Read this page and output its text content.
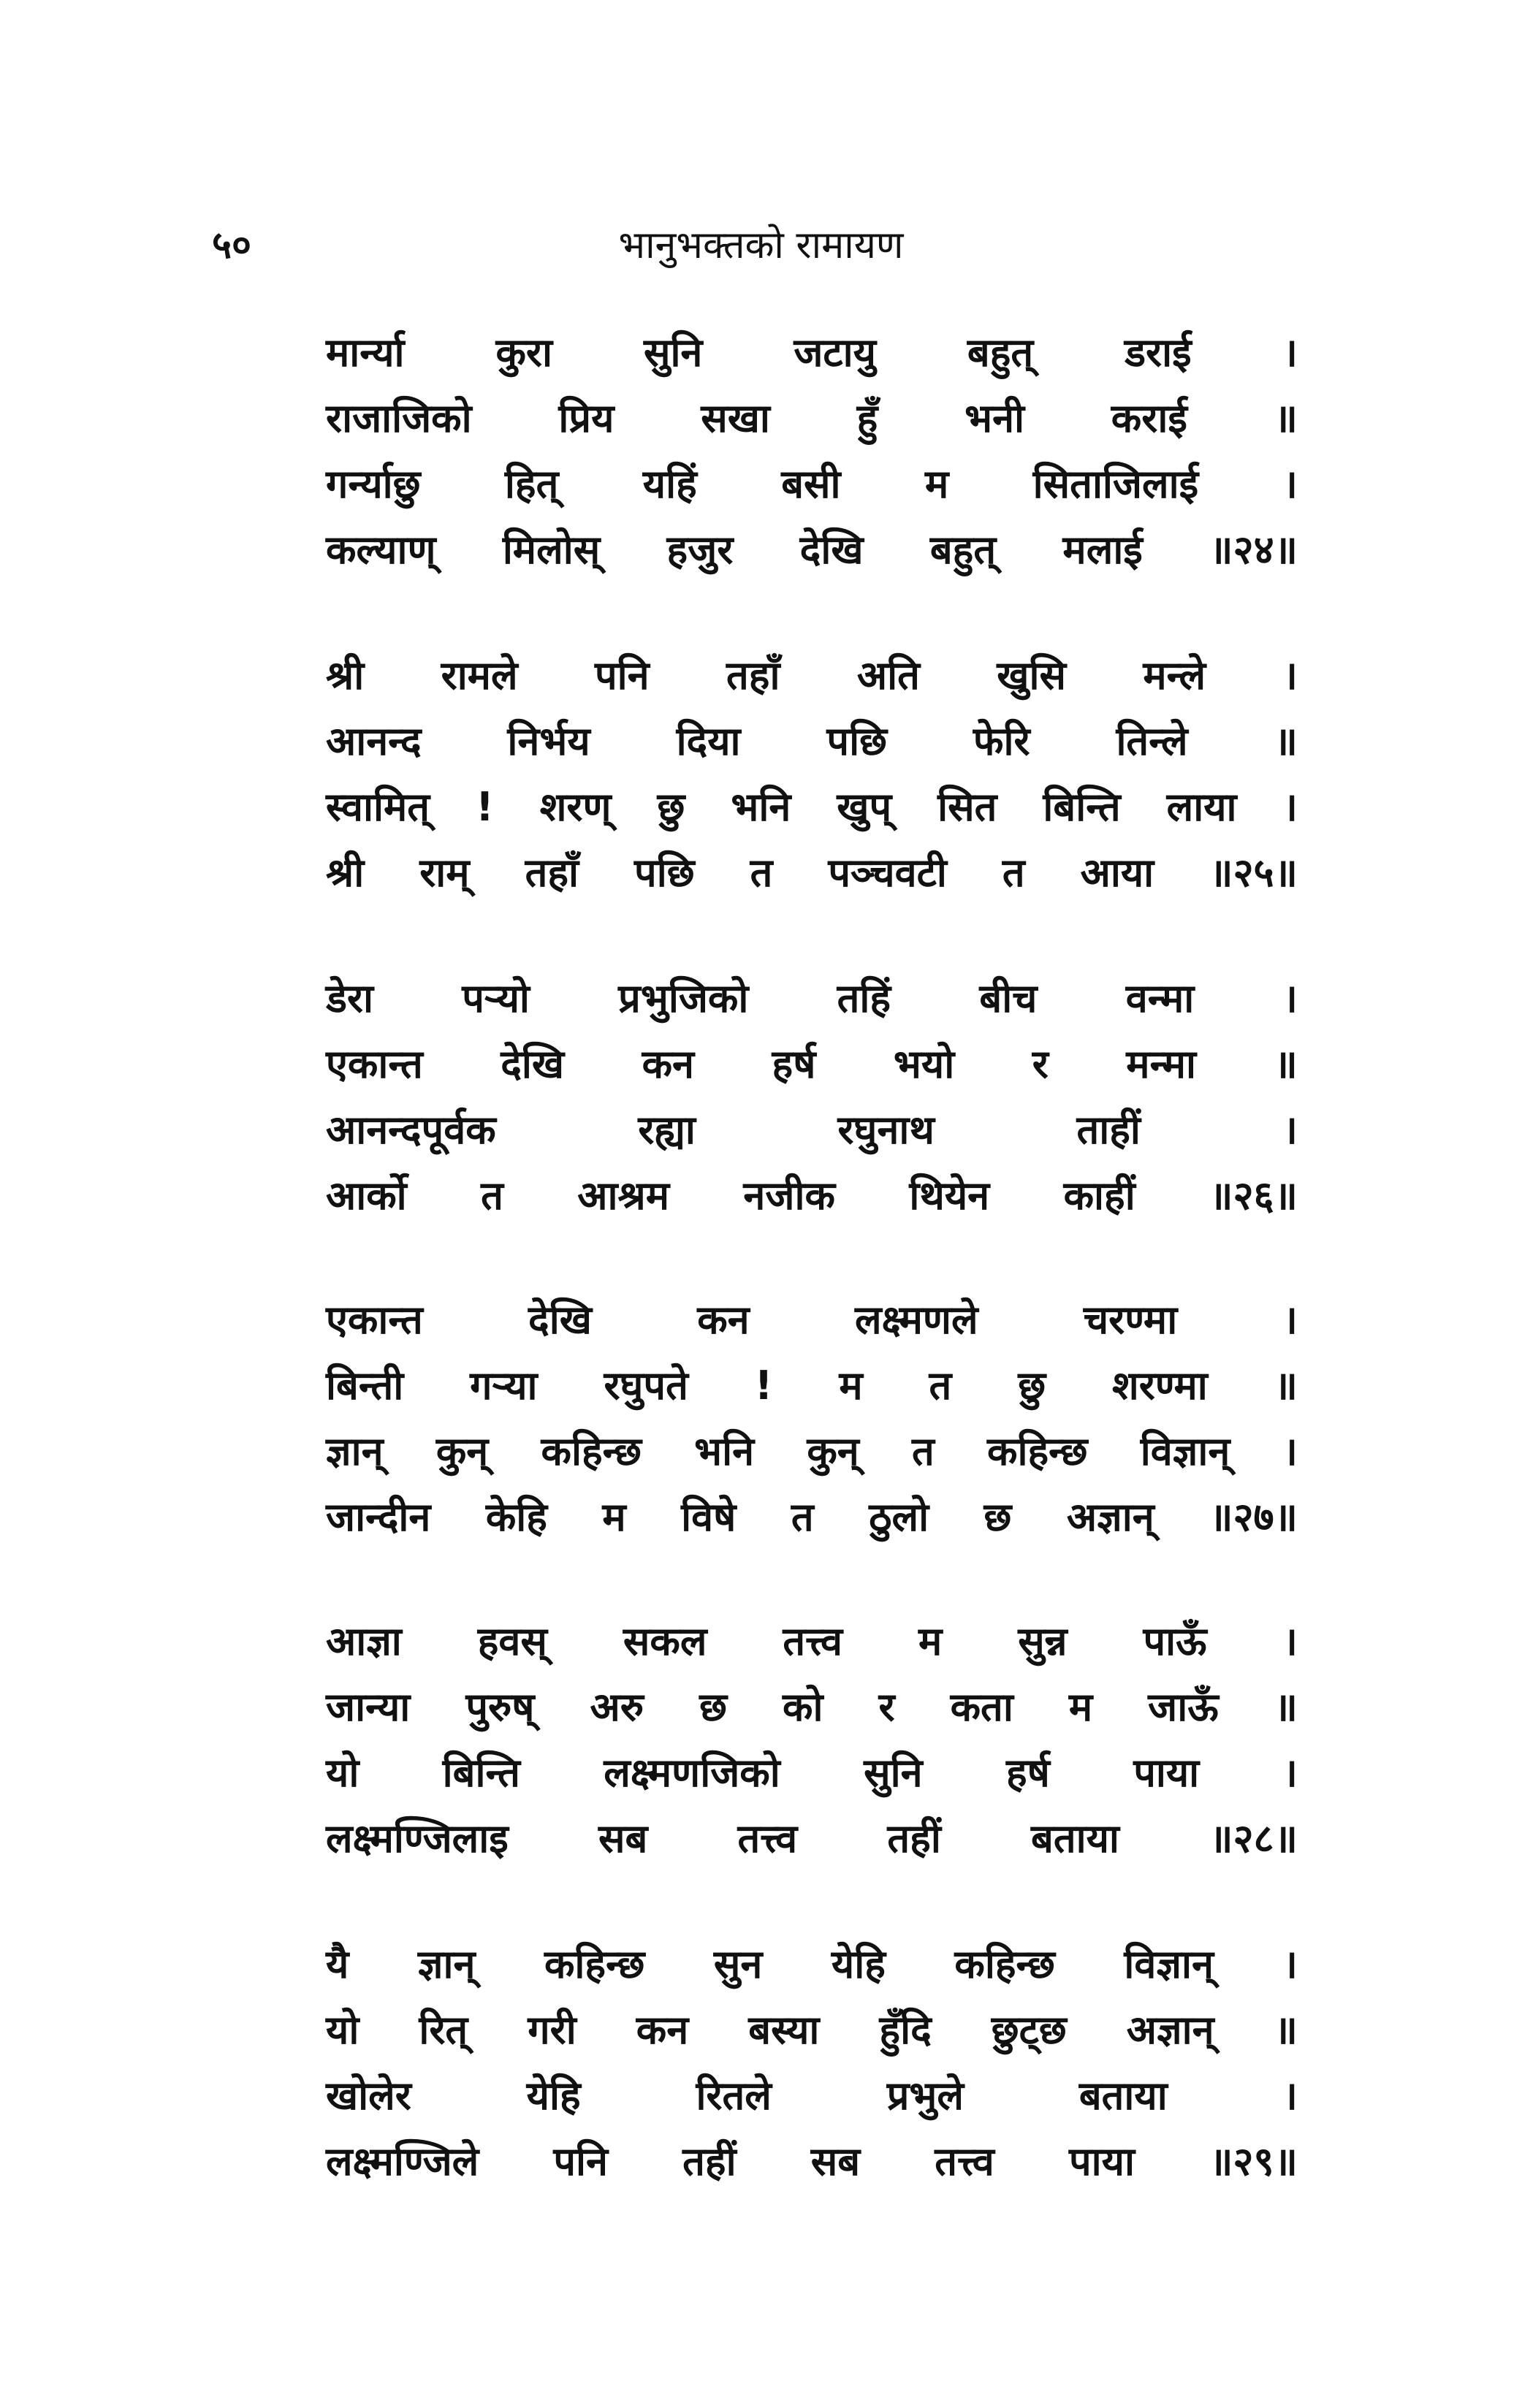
५०	भानुभक्तको रामायण
मार्न्या कुरा सुनि जटायु बहुत् डराई ।
राजाजिको प्रिय सखा हुँ भनी कराई ॥
गर्न्याछु हित् यहिं बसी म सिताजिलाई ।
कल्याण् मिलोस् हजुर देखि बहुत् मलाई ॥२४॥
श्री रामले पनि तहाँ अति खुसि मन्ले ।
आनन्द निर्भय दिया पछि फेरि तिन्ले ॥
स्वामित् ! शरण् छु भनि खुप् सित बिन्ति लाया ।
श्री राम् तहाँ पछि त पञ्चवटी त आया ॥२५॥
डेरा पऱ्यो प्रभुजिको तहिं बीच वन्मा ।
एकान्त देखि कन हर्ष भयो र मन्मा ॥
आनन्दपूर्वक	रह्या	रघुनाथ	ताहीं	।
आर्को त आश्रम नजीक थियेन काहीं ॥२६॥
एकान्त	देखि	कन	लक्ष्मणले	चरण्मा	।
बिन्ती गऱ्या रघुपते ! म त छु शरण्मा ॥
ज्ञान् कुन् कहिन्छ भनि कुन् त कहिन्छ विज्ञान् ।
जान्दीन केहि म विषे त ठुलो छ अज्ञान् ॥२७॥
आज्ञा हवस् सकल तत्त्व म सुन्न पाऊँ ।
जान्या पुरुष् अरु छ को र कता म जाऊँ ॥
यो बिन्ति लक्ष्मणजिको सुनि हर्ष पाया ।
लक्ष्मण्जिलाइ सब तत्त्व तहीं बताया ॥२८॥
यै ज्ञान् कहिन्छ सुन येहि कहिन्छ विज्ञान् ।
यो रित् गरी कन बस्या हुँदि छुट्छ अज्ञान् ॥
खोलेर	येहि	रितले	प्रभुले	बताया	।
लक्ष्मण्जिले पनि तहीं सब तत्त्व पाया ॥२९॥
